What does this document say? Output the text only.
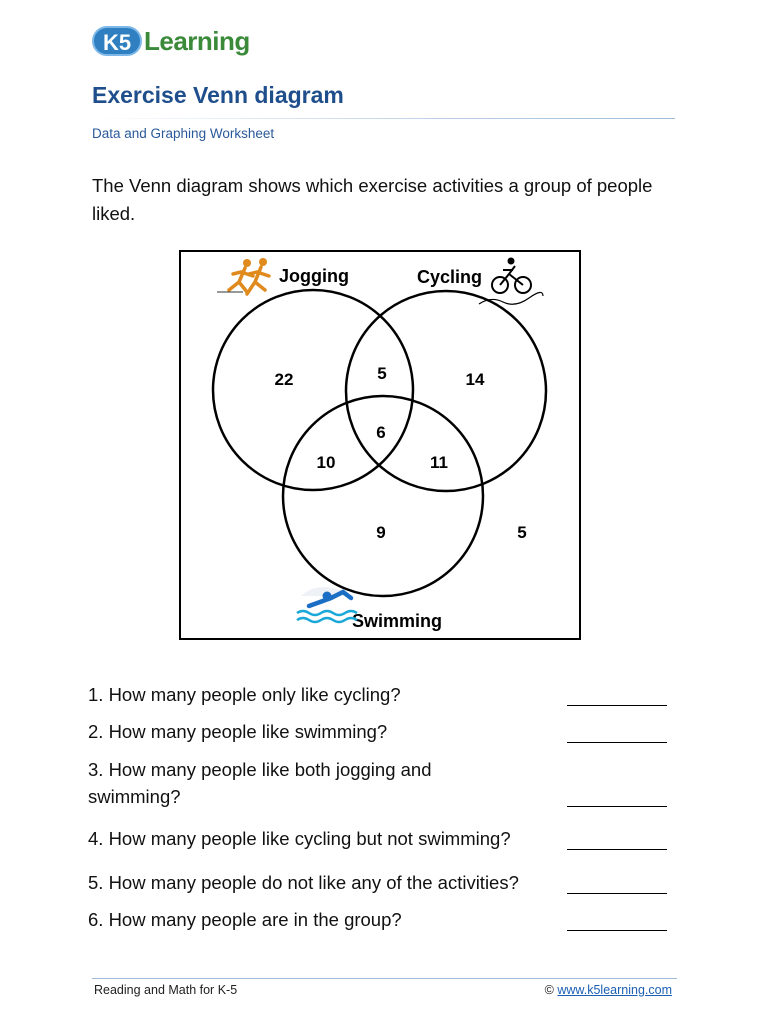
K5 Learning
Exercise Venn diagram
Data and Graphing Worksheet
The Venn diagram shows which exercise activities a group of people liked.
Jogging	Cycling
Swimming
22	5	14
6
10	11
9	5
1. How many people only like cycling?
2. How many people like swimming?
3. How many people like both jogging and swimming?
4. How many people like cycling but not swimming?
5. How many people do not like any of the activities?
6. How many people are in the group?
Reading and Math for K-5	© www.k5learning.com
